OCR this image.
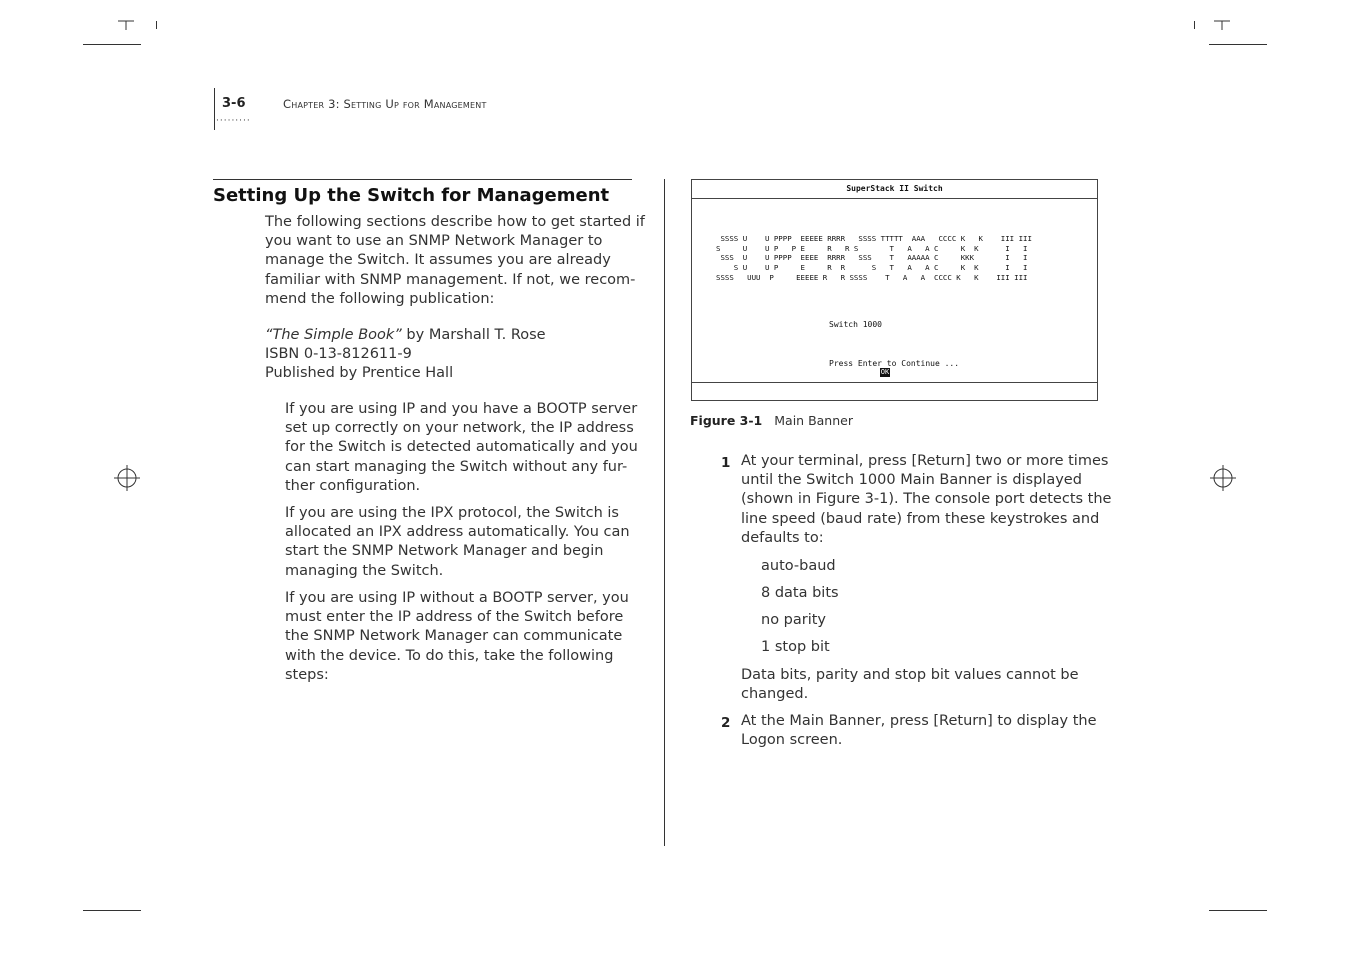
3-6
·········
Chapter 3: Setting Up for Management
Setting Up the Switch for Management
The following sections describe how to get started if
you want to use an SNMP Network Manager to
manage the Switch. It assumes you are already
familiar with SNMP management. If not, we recom-
mend the following publication:
“The Simple Book” by Marshall T. Rose
ISBN 0-13-812611-9
Published by Prentice Hall
If you are using IP and you have a BOOTP server
set up correctly on your network, the IP address
for the Switch is detected automatically and you
can start managing the Switch without any fur-
ther configuration.
If you are using the IPX protocol, the Switch is
allocated an IPX address automatically. You can
start the SNMP Network Manager and begin
managing the Switch.
If you are using IP without a BOOTP server, you
must enter the IP address of the Switch before
the SNMP Network Manager can communicate
with the device. To do this, take the following
steps:
SuperStack II Switch
SSSS U    U PPPP  EEEEE RRRR   SSSS TTTTT  AAA   CCCC K   K    III III
S     U    U P   P E     R   R S       T   A   A C     K  K      I   I
SSS  U    U PPPP  EEEE  RRRR   SSS    T   AAAAA C     KKK       I   I
S U    U P     E     R  R      S   T   A   A C     K  K      I   I
SSSS   UUU  P     EEEEE R   R SSSS    T   A   A  CCCC K   K    III III
Switch 1000
Press Enter to Continue ...
OK
Figure 3-1 Main Banner
1 At your terminal, press [Return] two or more times
until the Switch 1000 Main Banner is displayed
(shown in Figure 3-1). The console port detects the
line speed (baud rate) from these keystrokes and
defaults to:
auto-baud
8 data bits
no parity
1 stop bit
Data bits, parity and stop bit values cannot be
changed.
2 At the Main Banner, press [Return] to display the
Logon screen.
